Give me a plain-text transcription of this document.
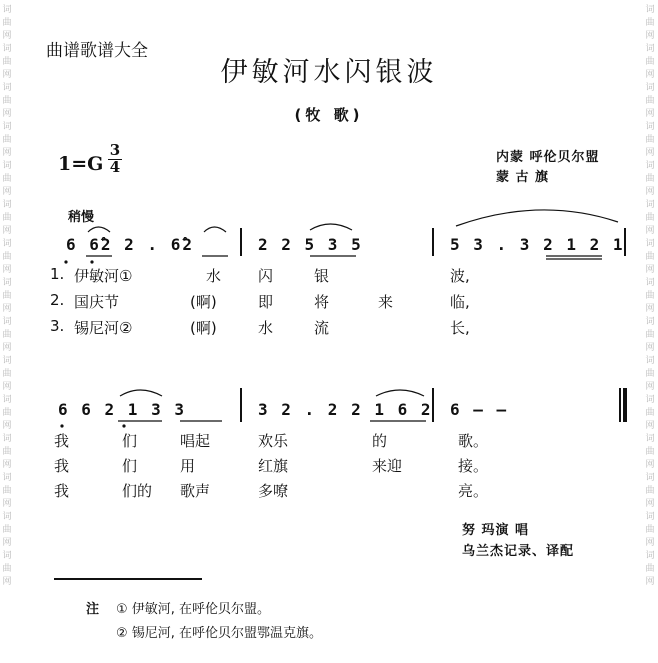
词曲网词曲网词曲网词曲网词曲网词曲网词曲网词曲网词曲网词曲网词曲网词曲网词曲网词曲网词曲网
词曲网词曲网词曲网词曲网词曲网词曲网词曲网词曲网词曲网词曲网词曲网词曲网词曲网词曲网词曲网
曲谱歌谱大全
伊敏河水闪银波
(牧 歌)
内蒙 呼伦贝尔盟
蒙 古 旗
$1=G \frac{3}{4}$
稍慢
6 6̂2 2 . 6̂2	2 2 5 3 5	5 3 . 3 2 1 2 1
1. 伊敏河①	水 闪	银	波,
2. 国庆节	(啊)	即	将	来	临,
3. 锡尼河②	(啊)	水	流	长,
6 6 2 1 3 3	3 2 . 2 2 1 6 2 6 – –
我	们	唱起	欢乐	的	歌。
我	们	用	红旗	来迎	接。
我	们的 歌声	多嘹	亮。
努 玛演 唱
乌兰杰记录、译配
注 ① 伊敏河, 在呼伦贝尔盟。
② 锡尼河, 在呼伦贝尔盟鄂温克旗。
